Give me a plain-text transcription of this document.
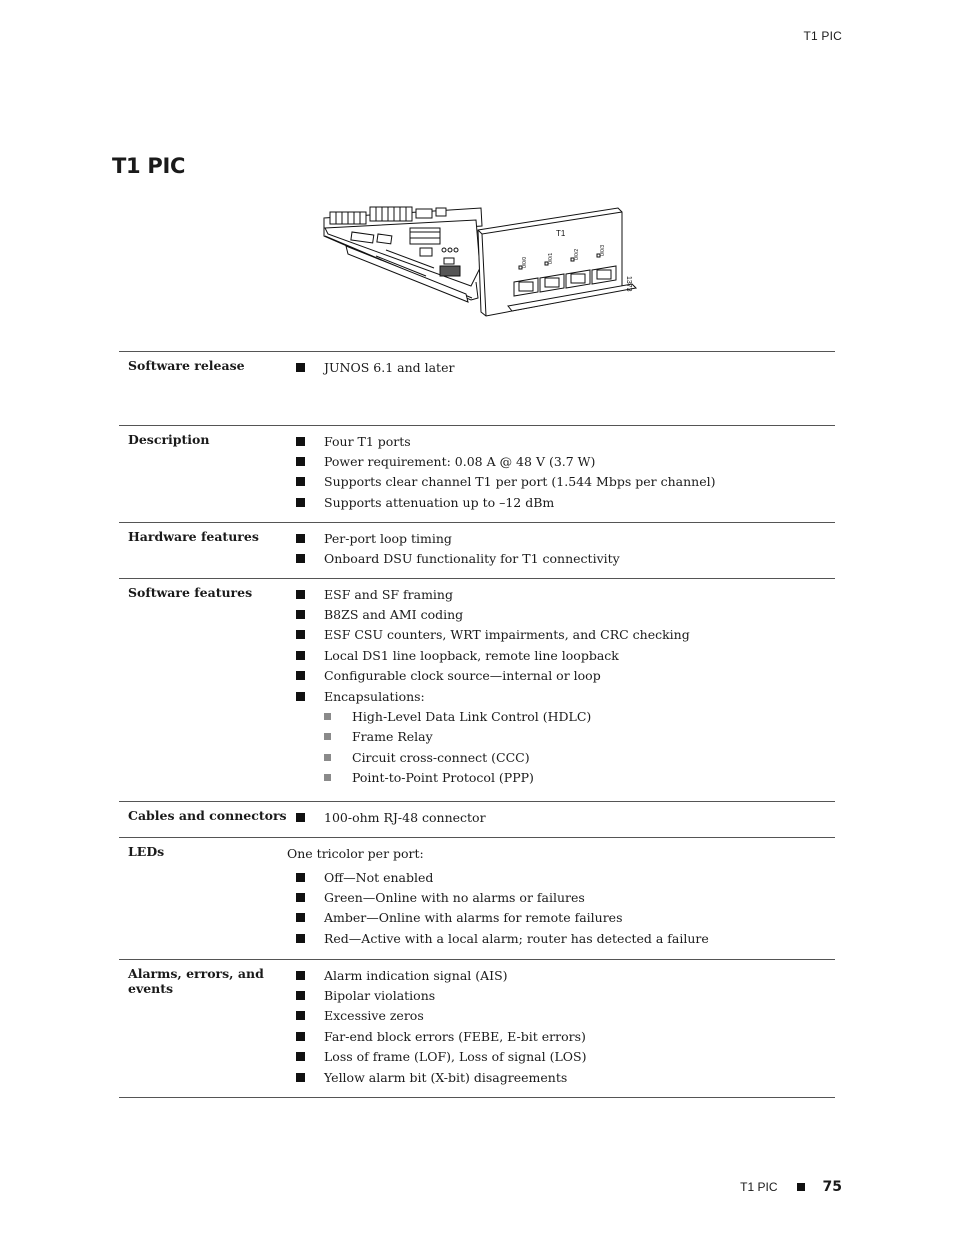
T1 PIC
T1 PIC
T1
0/0/0	0/0/1	0/0/2	0/0/3
1373
Software release	JUNOS 6.1 and later
Description	Four T1 ports
Power requirement: 0.08 A @ 48 V (3.7 W)
Supports clear channel T1 per port (1.544 Mbps per channel)
Supports attenuation up to –12 dBm
Hardware features	Per-port loop timing
Onboard DSU functionality for T1 connectivity
Software features	ESF and SF framing
B8ZS and AMI coding
ESF CSU counters, WRT impairments, and CRC checking
Local DS1 line loopback, remote line loopback
Configurable clock source—internal or loop
Encapsulations:
High-Level Data Link Control (HDLC)
Frame Relay
Circuit cross-connect (CCC)
Point-to-Point Protocol (PPP)
Cables and connectors	100-ohm RJ-48 connector
LEDs	One tricolor per port:
Off—Not enabled
Green—Online with no alarms or failures
Amber—Online with alarms for remote failures
Red—Active with a local alarm; router has detected a failure
Alarms, errors, and events
Alarm indication signal (AIS)
Bipolar violations
Excessive zeros
Far-end block errors (FEBE, E-bit errors)
Loss of frame (LOF), Loss of signal (LOS)
Yellow alarm bit (X-bit) disagreements
T1 PIC	75
